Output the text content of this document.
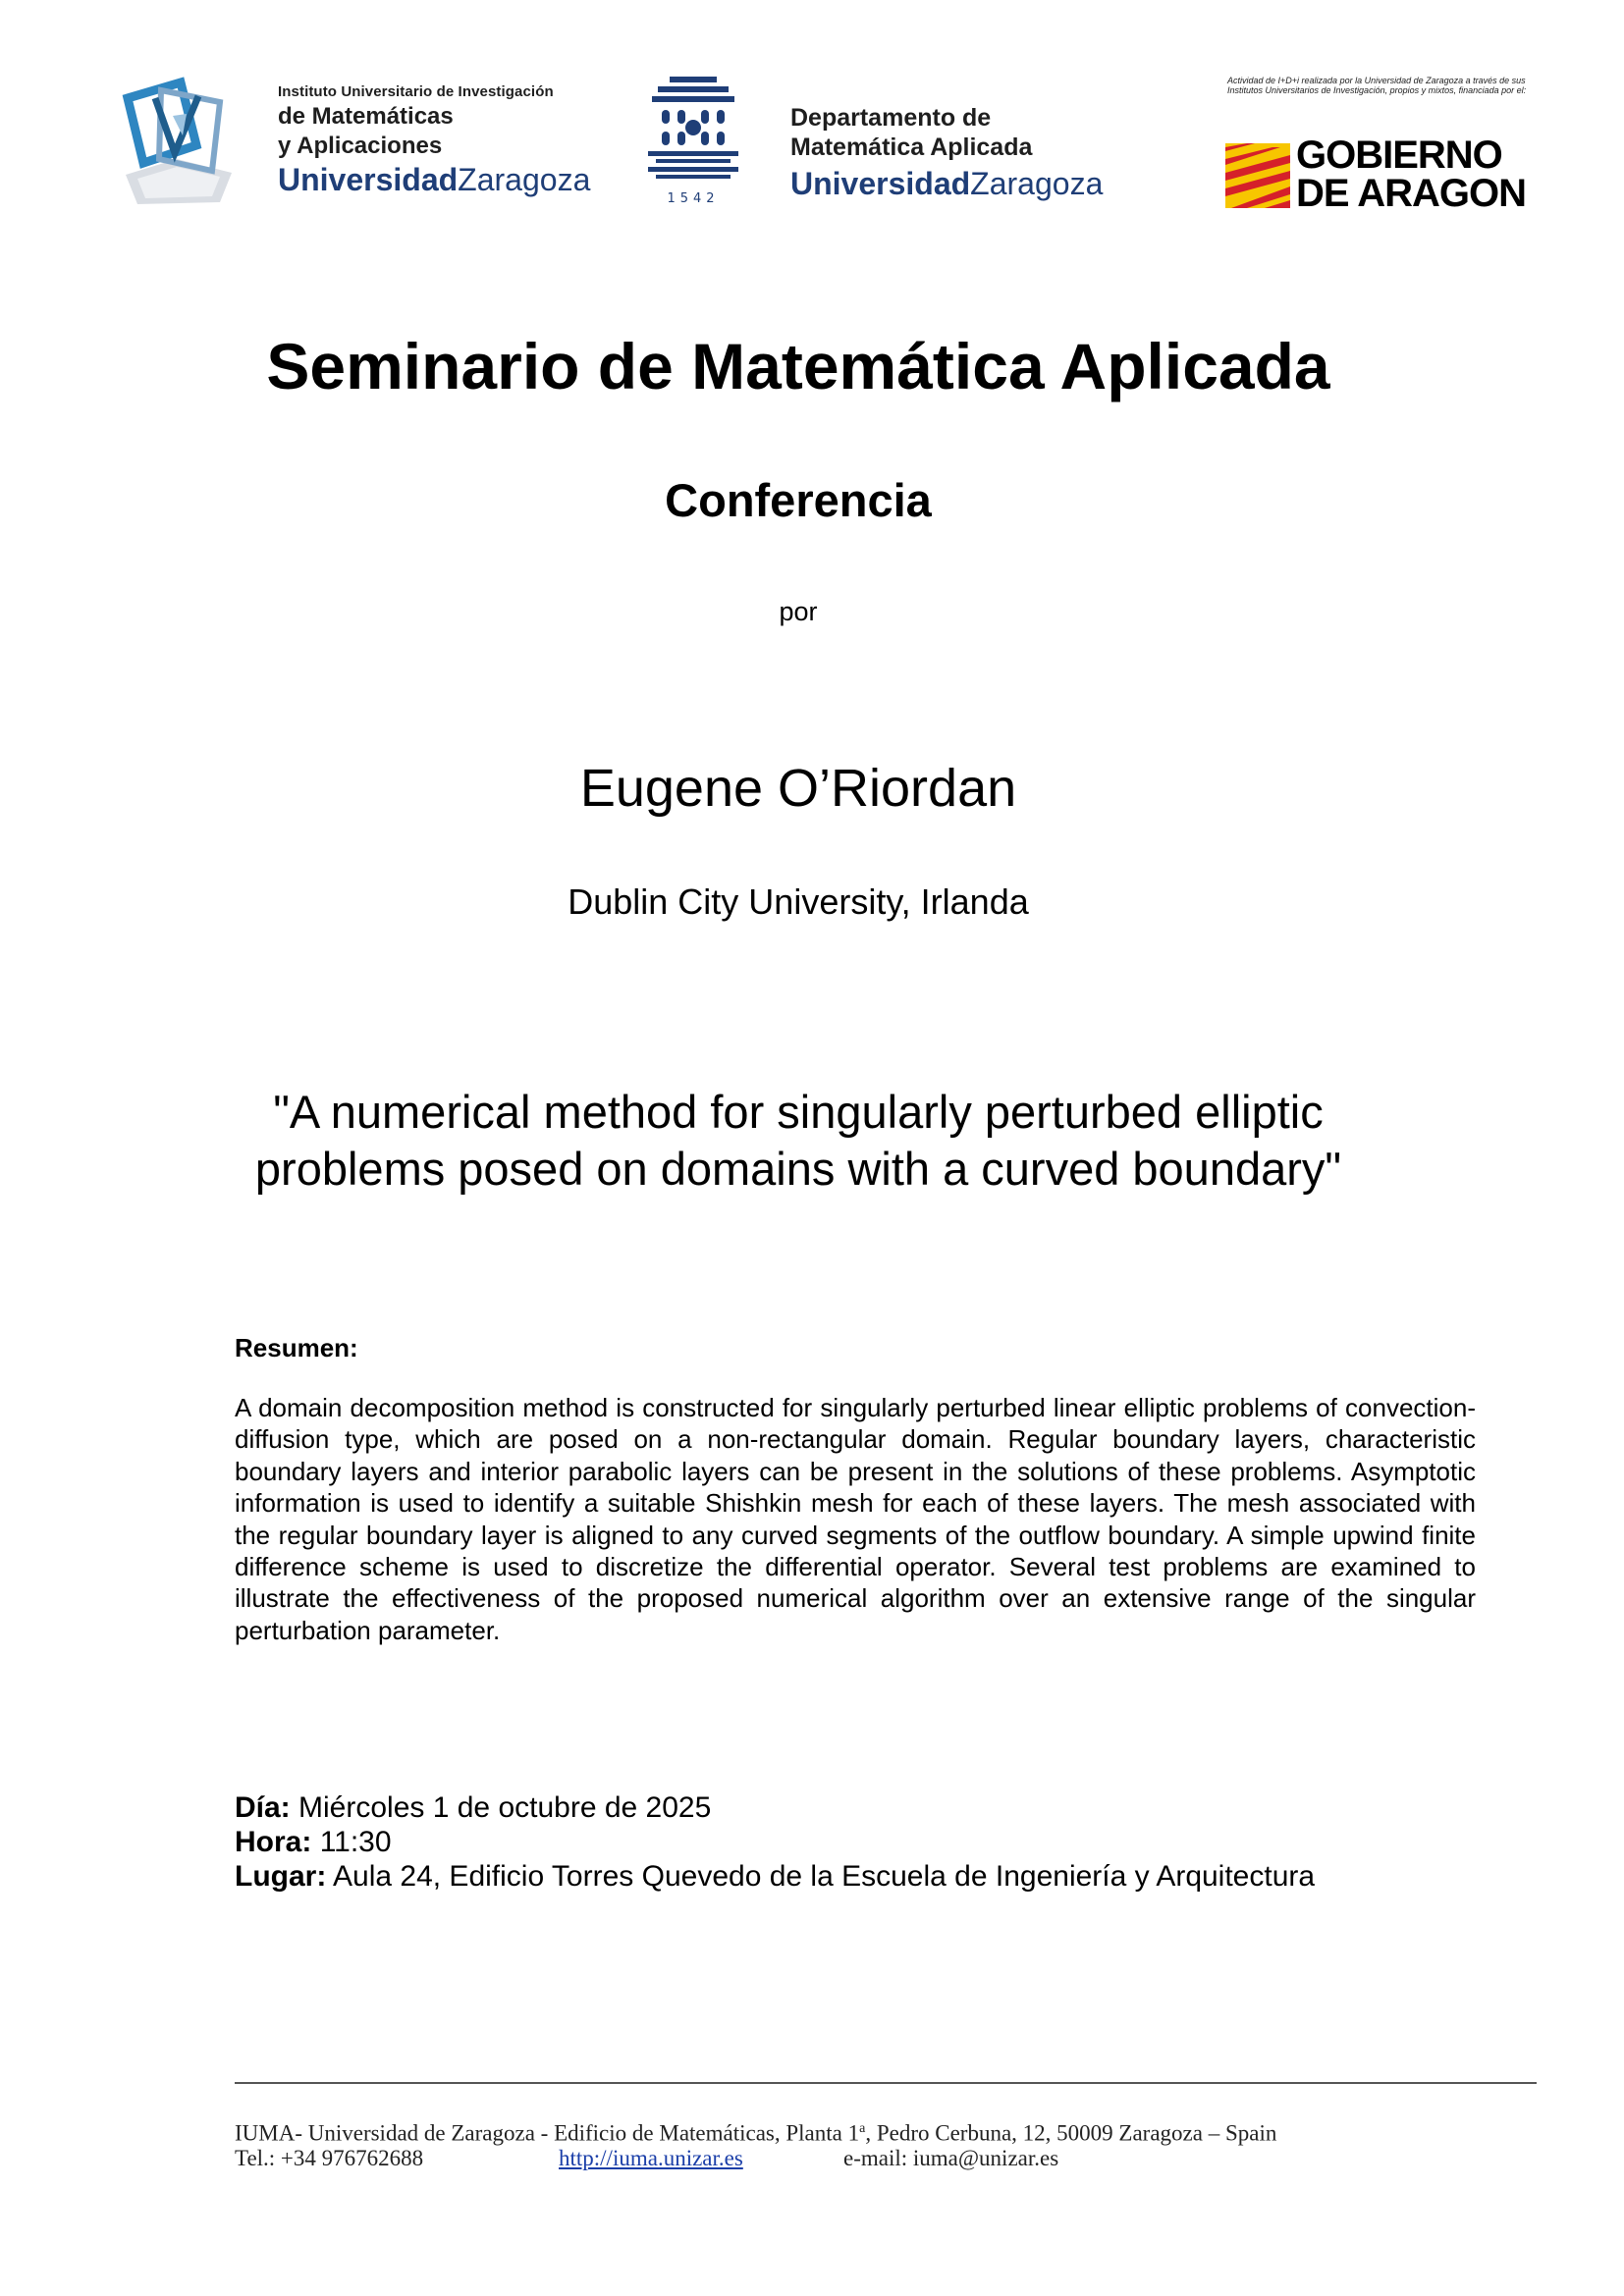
Instituto Universitario de Investigación
de Matemáticas
y Aplicaciones
UniversidadZaragoza
1542
Departamento de
Matemática Aplicada
UniversidadZaragoza
Actividad de I+D+i realizada por la Universidad de Zaragoza a través de sus Institutos Universitarios de Investigación, propios y mixtos, financiada por el:
GOBIERNO
DE ARAGON
Seminario de Matemática Aplicada
Conferencia
por
Eugene O’Riordan
Dublin City University, Irlanda
"A numerical method for singularly perturbed elliptic
problems posed on domains with a curved boundary"
Resumen:
A domain decomposition method is constructed for singularly perturbed linear elliptic problems of convection-diffusion type, which are posed on a non-rectangular domain. Regular boundary layers, characteristic boundary layers and interior parabolic layers can be present in the solutions of these problems. Asymptotic information is used to identify a suitable Shishkin mesh for each of these layers. The mesh associated with the regular boundary layer is aligned to any curved segments of the outflow boundary. A simple upwind finite difference scheme is used to discretize the differential operator. Several test problems are examined to illustrate the effectiveness of the proposed numerical algorithm over an extensive range of the singular perturbation parameter.
Día: Miércoles 1 de octubre de 2025
Hora: 11:30
Lugar: Aula 24, Edificio Torres Quevedo de la Escuela de Ingeniería y Arquitectura
IUMA- Universidad de Zaragoza - Edificio de Matemáticas, Planta 1$^a$, Pedro Cerbuna, 12, 50009 Zaragoza – Spain
Tel.: +34 976762688	http://iuma.unizar.es	e-mail: iuma@unizar.es
